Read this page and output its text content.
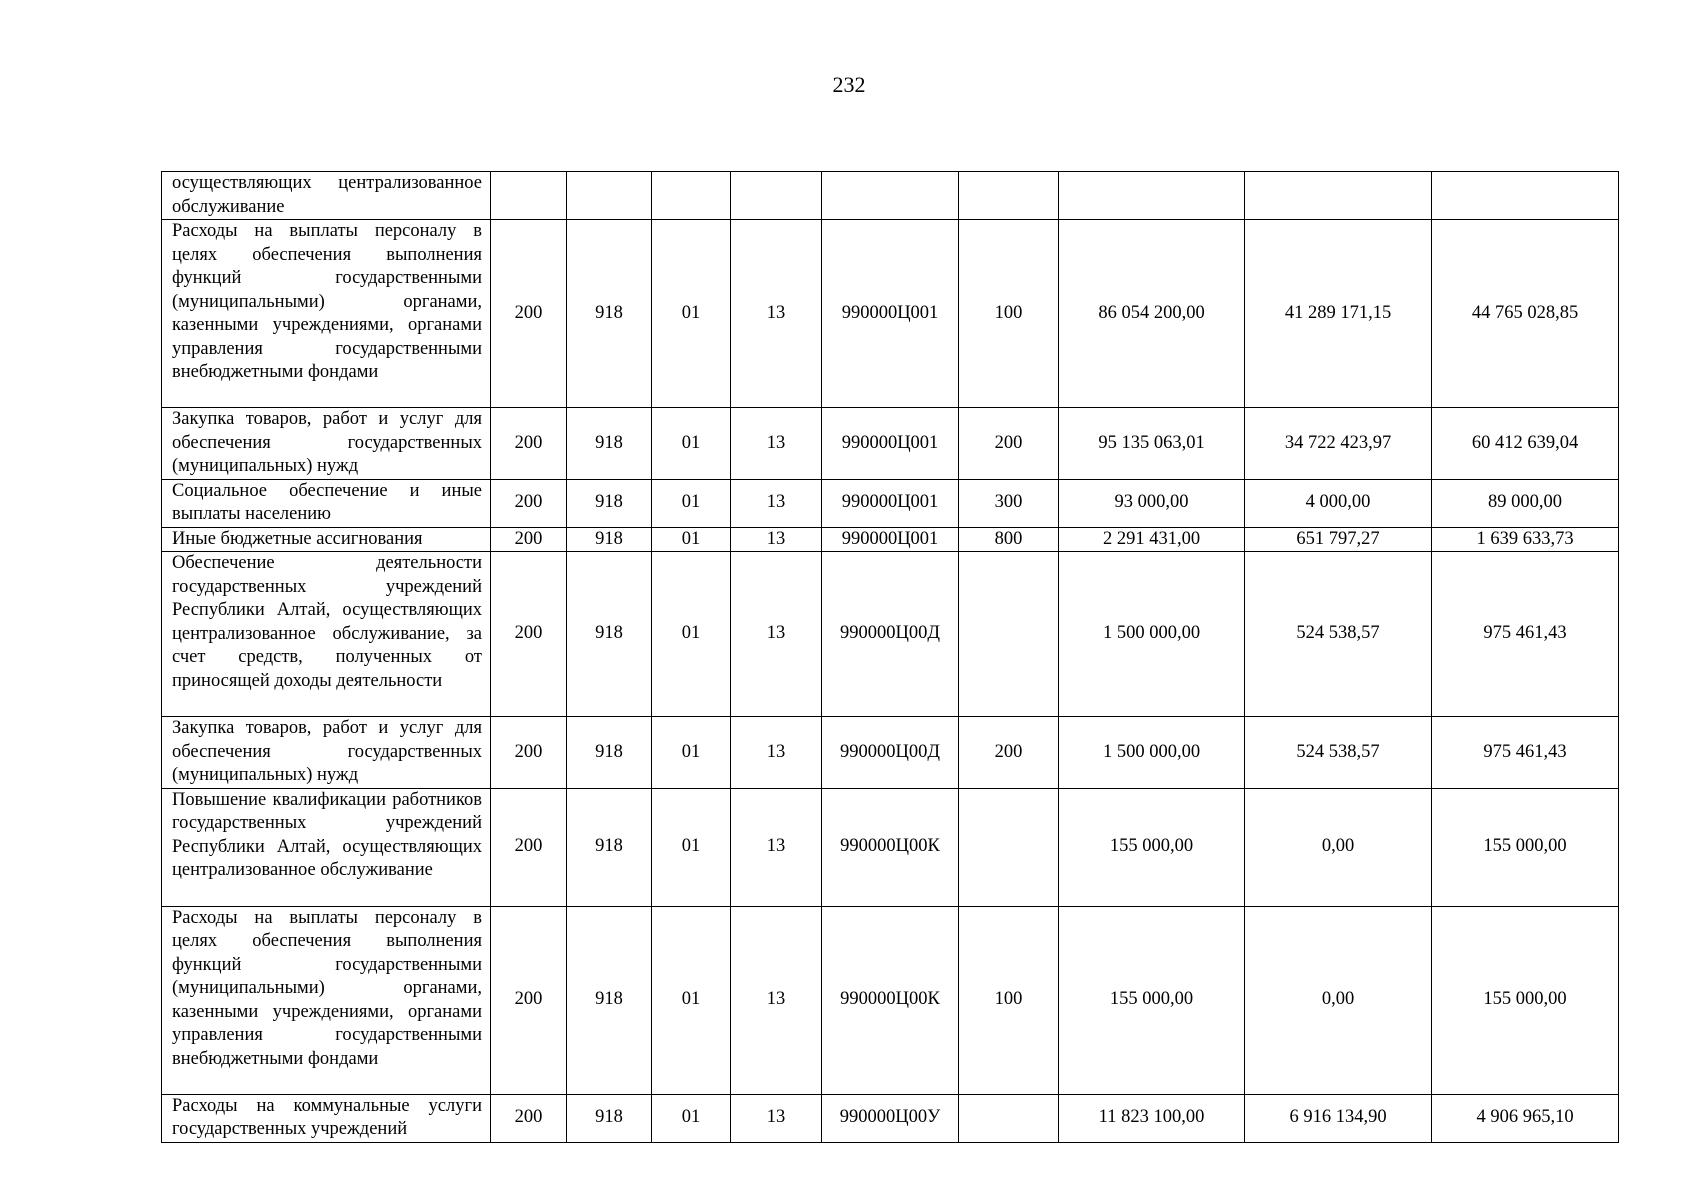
232
осуществляющих централизованное обслуживание									
Расходы на выплаты персоналу в целях обеспечения выполнения функций государственными (муниципальными) органами, казенными учреждениями, органами управления государственными внебюджетными фондами	200	918	01	13	990000Ц001	100	86 054 200,00	41 289 171,15	44 765 028,85
Закупка товаров, работ и услуг для обеспечения государственных (муниципальных) нужд	200	918	01	13	990000Ц001	200	95 135 063,01	34 722 423,97	60 412 639,04
Социальное обеспечение и иные выплаты населению	200	918	01	13	990000Ц001	300	93 000,00	4 000,00	89 000,00
Иные бюджетные ассигнования	200	918	01	13	990000Ц001	800	2 291 431,00	651 797,27	1 639 633,73
Обеспечение деятельности государственных учреждений Республики Алтай, осуществляющих централизованное обслуживание, за счет средств, полученных от приносящей доходы деятельности	200	918	01	13	990000Ц00Д		1 500 000,00	524 538,57	975 461,43
Закупка товаров, работ и услуг для обеспечения государственных (муниципальных) нужд	200	918	01	13	990000Ц00Д	200	1 500 000,00	524 538,57	975 461,43
Повышение квалификации работников государственных учреждений Республики Алтай, осуществляющих централизованное обслуживание	200	918	01	13	990000Ц00К		155 000,00	0,00	155 000,00
Расходы на выплаты персоналу в целях обеспечения выполнения функций государственными (муниципальными) органами, казенными учреждениями, органами управления государственными внебюджетными фондами	200	918	01	13	990000Ц00К	100	155 000,00	0,00	155 000,00
Расходы на коммунальные услуги государственных учреждений	200	918	01	13	990000Ц00У		11 823 100,00	6 916 134,90	4 906 965,10
